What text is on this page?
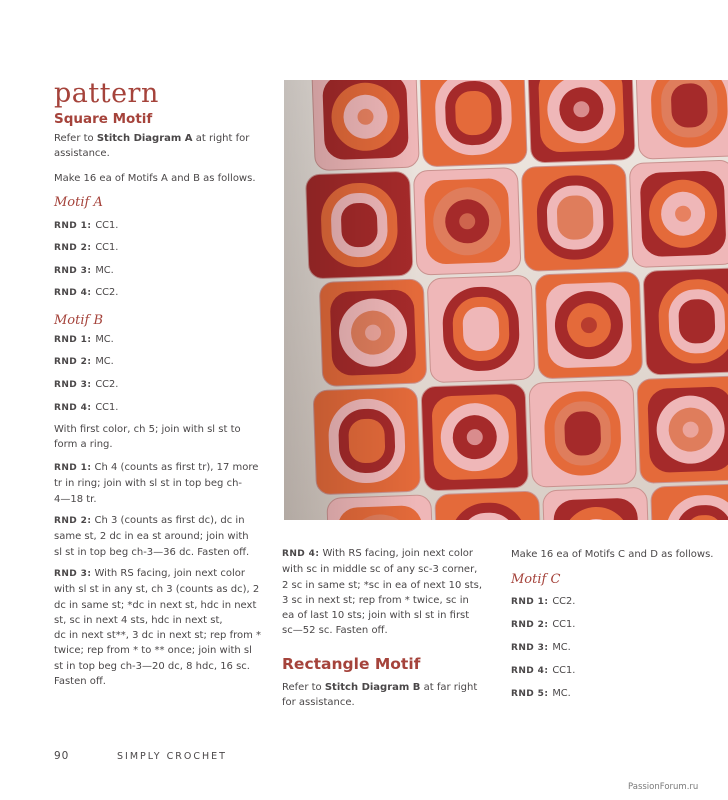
pattern
Square Motif
Refer to Stitch Diagram A at right for
assistance.
Make 16 ea of Motifs A and B as follows.
Motif A
RND 1: CC1.
RND 2: CC1.
RND 3: MC.
RND 4: CC2.
Motif B
RND 1: MC.
RND 2: MC.
RND 3: CC2.
RND 4: CC1.
With first color, ch 5; join with sl st to
form a ring.
RND 1: Ch 4 (counts as first tr), 17 more
tr in ring; join with sl st in top beg ch-
4—18 tr.
RND 2: Ch 3 (counts as first dc), dc in
same st, 2 dc in ea st around; join with
sl st in top beg ch-3—36 dc. Fasten off.
RND 3: With RS facing, join next color
with sl st in any st, ch 3 (counts as dc), 2
dc in same st; *dc in next st, hdc in next
st, sc in next 4 sts, hdc in next st,
dc in next st**, 3 dc in next st; rep from *
twice; rep from * to ** once; join with sl
st in top beg ch-3—20 dc, 8 hdc, 16 sc.
Fasten off.
RND 4: With RS facing, join next color
with sc in middle sc of any sc-3 corner,
2 sc in same st; *sc in ea of next 10 sts,
3 sc in next st; rep from * twice, sc in
ea of last 10 sts; join with sl st in first
sc—52 sc. Fasten off.
Rectangle Motif
Refer to Stitch Diagram B at far right
for assistance.
Make 16 ea of Motifs C and D as follows.
Motif C
RND 1: CC2.
RND 2: CC1.
RND 3: MC.
RND 4: CC1.
RND 5: MC.
90	SIMPLY CROCHET
PassionForum.ru
